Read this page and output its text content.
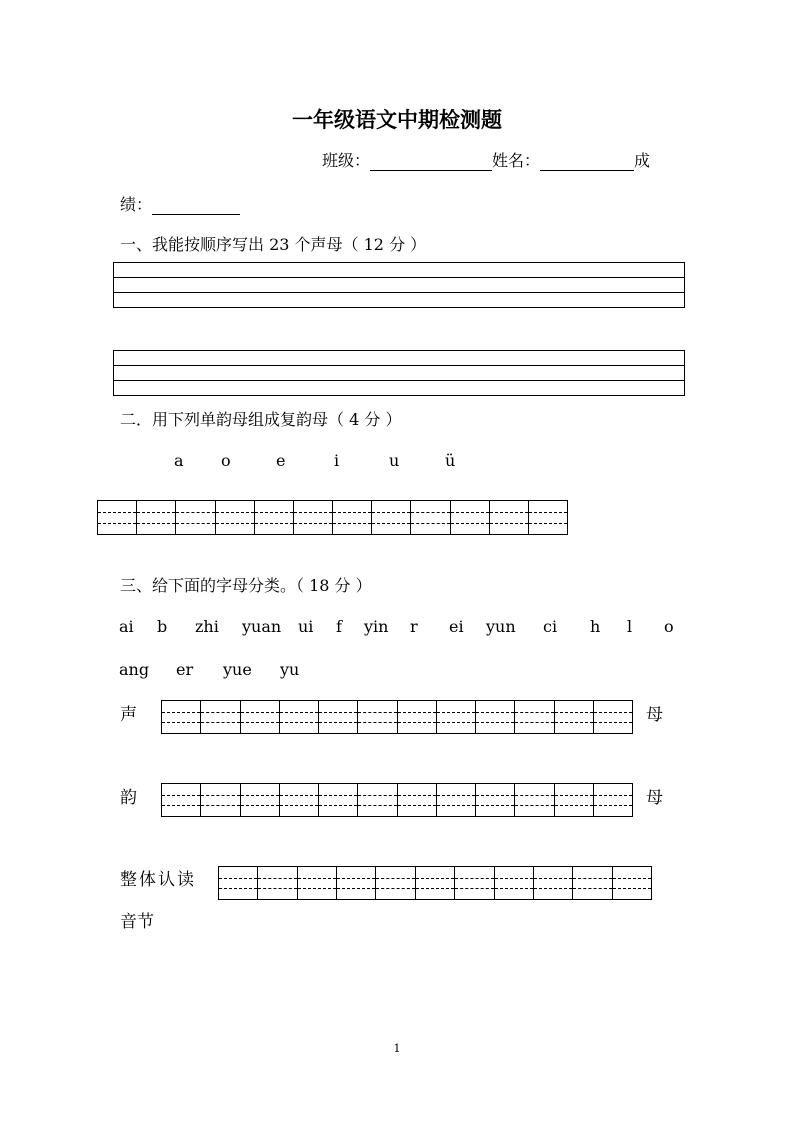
一年级语文中期检测题
班级：	姓名：	成
绩：
一、我能按顺序写出 23 个声母（ 12 分 ）
二．用下列单韵母组成复韵母（ 4 分 ）
a o	e	i	u	ü
三、给下面的字母分类。（ 18 分 ）
ai b zhi yuan ui f yin r ei yun ci h l o
ang er yue yu
声	母
韵	母
整体认读
音节
1
